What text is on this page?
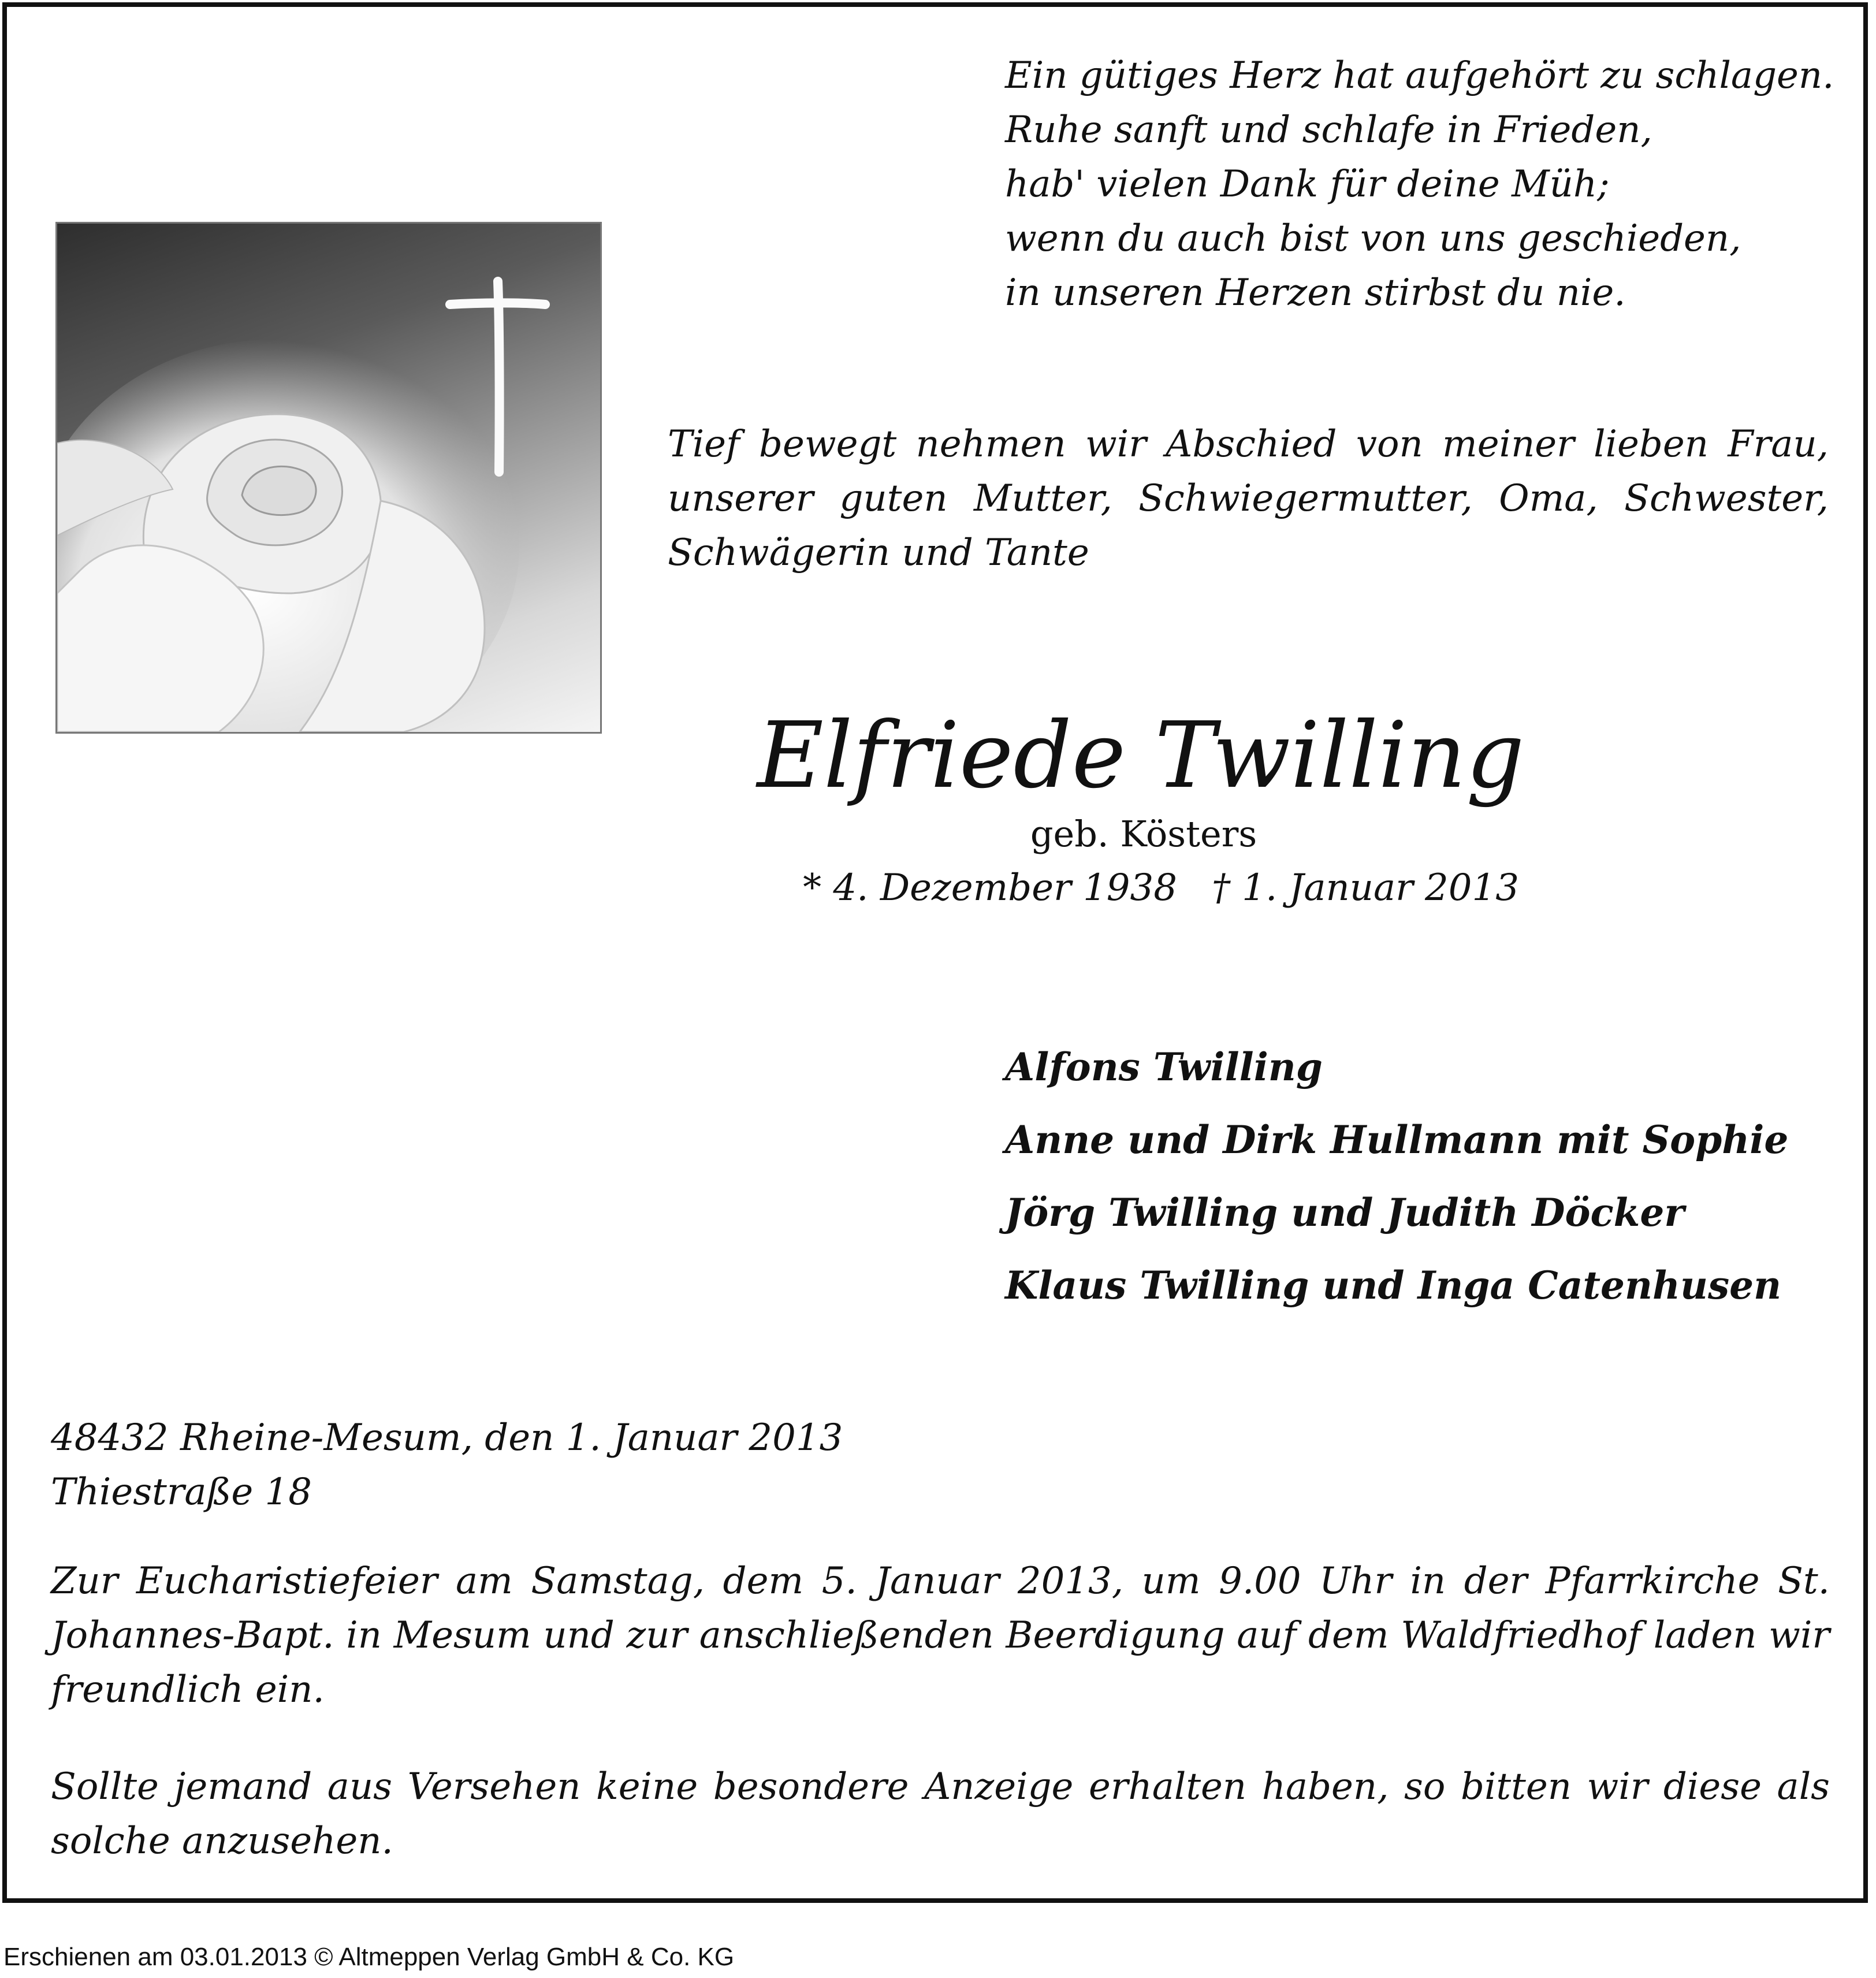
Ein gütiges Herz hat aufgehört zu schlagen.
Ruhe sanft und schlafe in Frieden,
hab' vielen Dank für deine Müh;
wenn du auch bist von uns geschieden,
in unseren Herzen stirbst du nie.
Tief bewegt nehmen wir Abschied von meiner lieben Frau,
unserer guten Mutter, Schwiegermutter, Oma, Schwester,
Schwägerin und Tante
Elfriede Twilling
geb. Kösters
* 4. Dezember 1938 † 1. Januar 2013
Alfons Twilling
Anne und Dirk Hullmann mit Sophie
Jörg Twilling und Judith Döcker
Klaus Twilling und Inga Catenhusen
48432 Rheine-Mesum, den 1. Januar 2013
Thiestraße 18
Zur Eucharistiefeier am Samstag, dem 5. Januar 2013, um 9.00 Uhr in der Pfarrkirche St.
Johannes-Bapt. in Mesum und zur anschließenden Beerdigung auf dem Waldfriedhof laden wir
freundlich ein.
Sollte jemand aus Versehen keine besondere Anzeige erhalten haben, so bitten wir diese als
solche anzusehen.
Erschienen am 03.01.2013 © Altmeppen Verlag GmbH & Co. KG
